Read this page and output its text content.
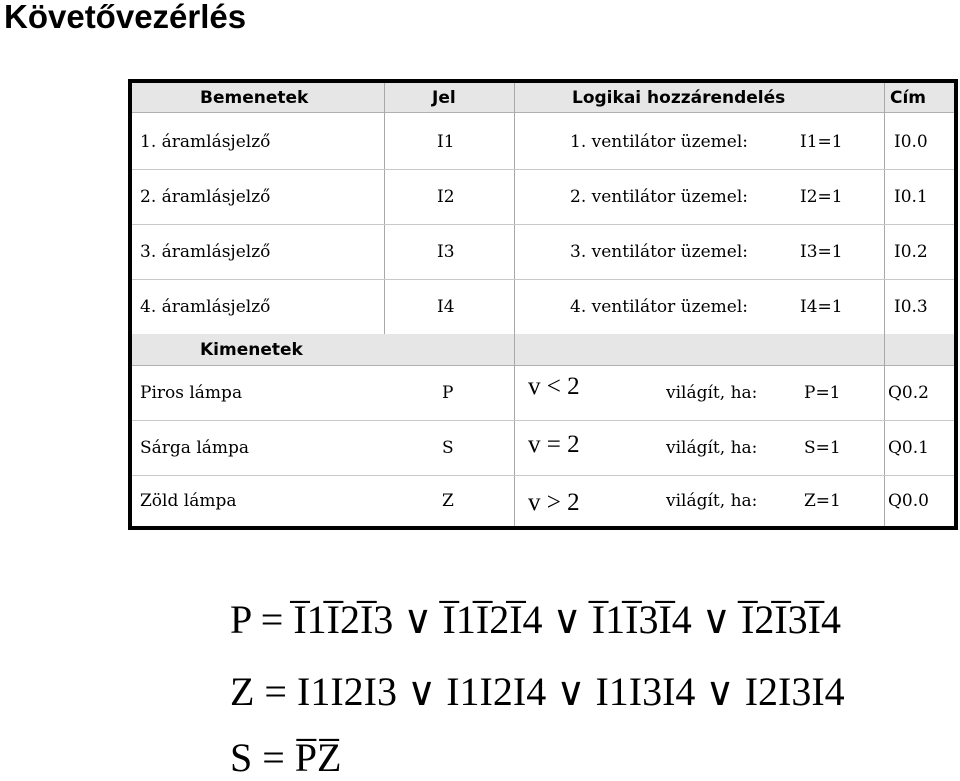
Követővezérlés
Bemenetek	Jel	Logikai hozzárendelés	Cím
1. áramlásjelző	I1	1. ventilátor üzemel:	I1=1	I0.0
2. áramlásjelző	I2	2. ventilátor üzemel:	I2=1	I0.1
3. áramlásjelző	I3	3. ventilátor üzemel:	I3=1	I0.2
4. áramlásjelző	I4	4. ventilátor üzemel:	I4=1	I0.3
Kimenetek
Piros lámpa	P	v < 2	világít, ha:	P=1	Q0.2
Sárga lámpa	S	v = 2	világít, ha:	S=1	Q0.1
Zöld lámpa	Z	v > 2	világít, ha:	Z=1	Q0.0
P = I̅1I̅2I̅3 ∨ I̅1I̅2I̅4 ∨ I̅1I̅3I̅4 ∨ I̅2I̅3I̅4
Z = I1I2I3 ∨ I1I2I4 ∨ I1I3I4 ∨ I2I3I4
S = P̅Z̅
